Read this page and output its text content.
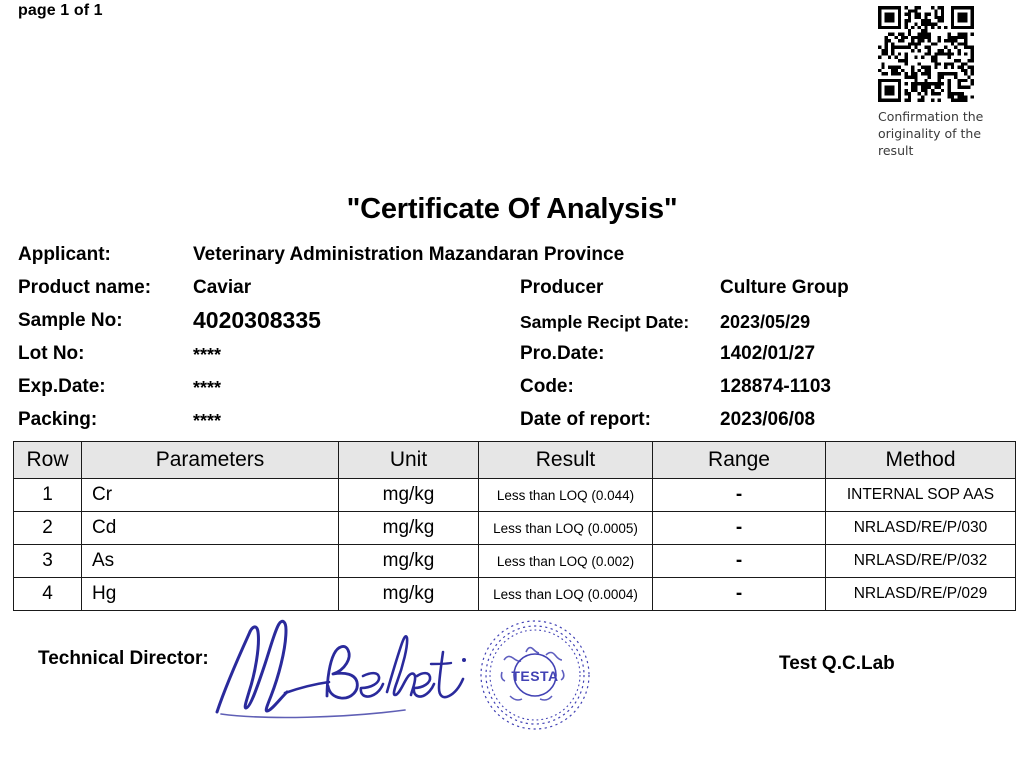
page 1 of 1
Confirmation the originality of the result
"Certificate Of Analysis"
Applicant:	Veterinary Administration Mazandaran Province
Product name: Caviar	Producer	Culture Group
Sample No:	4020308335	Sample Recipt Date: 2023/05/29
Lot No:	****	Pro.Date:	1402/01/27
Exp.Date:	****	Code:	128874-1103
Packing:	****	Date of report:	2023/06/08
Row	Parameters	Unit	Result	Range	Method
1	Cr	mg/kg	Less than LOQ (0.044)	-	INTERNAL SOP AAS
2	Cd	mg/kg	Less than LOQ (0.0005)	-	NRLASD/RE/P/030
3	As	mg/kg	Less than LOQ (0.002)	-	NRLASD/RE/P/032
4	Hg	mg/kg	Less than LOQ (0.0004)	-	NRLASD/RE/P/029
Technical Director:
TESTA
Test Q.C.Lab
